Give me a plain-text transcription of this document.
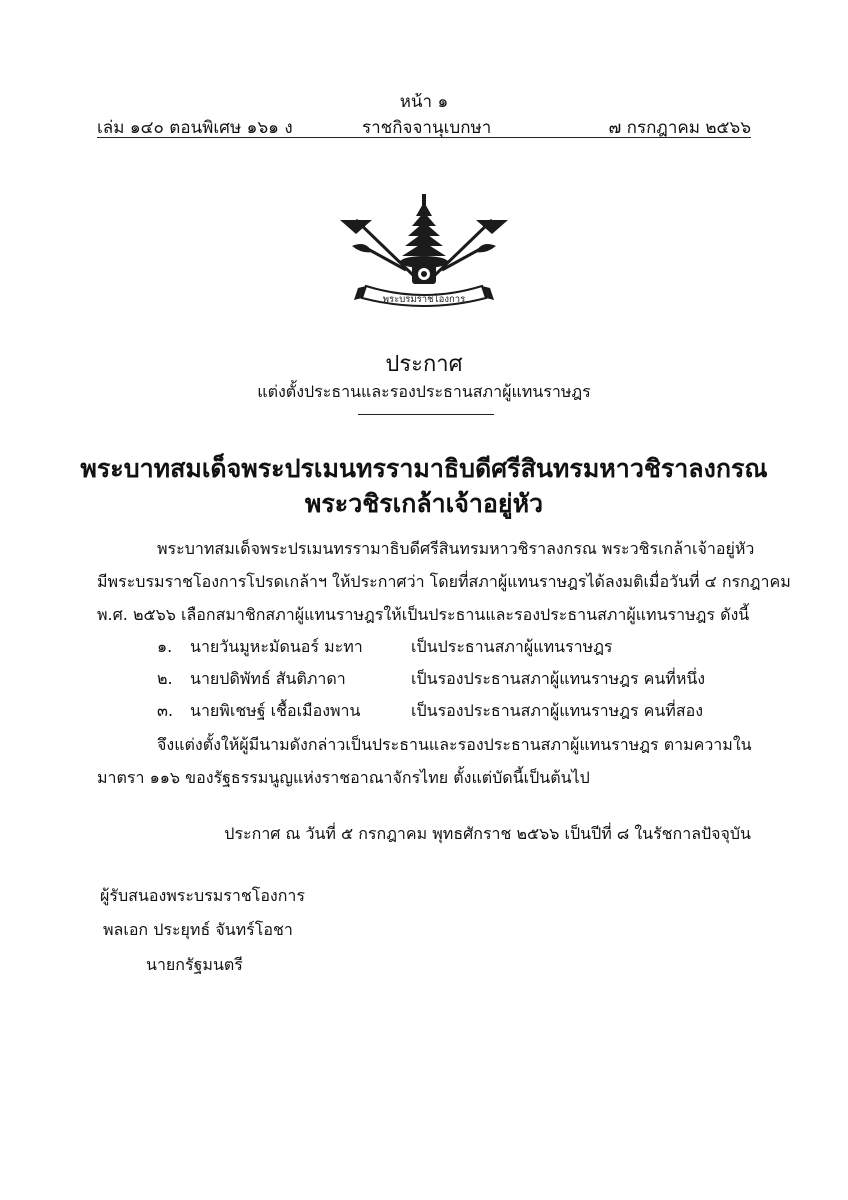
หน้า ๑
เล่ม ๑๔๐ ตอนพิเศษ ๑๖๑ ง	ราชกิจจานุเบกษา	๗ กรกฎาคม ๒๕๖๖
พระบรมราชโองการ
ประกาศ
แต่งตั้งประธานและรองประธานสภาผู้แทนราษฎร
พระบาทสมเด็จพระปรเมนทรรามาธิบดีศรีสินทรมหาวชิราลงกรณ
พระวชิรเกล้าเจ้าอยู่หัว
พระบาทสมเด็จพระปรเมนทรรามาธิบดีศรีสินทรมหาวชิราลงกรณ พระวชิรเกล้าเจ้าอยู่หัว
มีพระบรมราชโองการโปรดเกล้าฯ ให้ประกาศว่า โดยที่สภาผู้แทนราษฎรได้ลงมติเมื่อวันที่ ๔ กรกฎาคม
พ.ศ. ๒๕๖๖ เลือกสมาชิกสภาผู้แทนราษฎรให้เป็นประธานและรองประธานสภาผู้แทนราษฎร ดังนี้
๑. นายวันมูหะมัดนอร์ มะทา	เป็นประธานสภาผู้แทนราษฎร
๒. นายปดิพัทธ์ สันติภาดา	เป็นรองประธานสภาผู้แทนราษฎร คนที่หนึ่ง
๓. นายพิเชษฐ์ เชื้อเมืองพาน	เป็นรองประธานสภาผู้แทนราษฎร คนที่สอง
จึงแต่งตั้งให้ผู้มีนามดังกล่าวเป็นประธานและรองประธานสภาผู้แทนราษฎร ตามความใน
มาตรา ๑๑๖ ของรัฐธรรมนูญแห่งราชอาณาจักรไทย ตั้งแต่บัดนี้เป็นต้นไป
ประกาศ ณ วันที่ ๕ กรกฎาคม พุทธศักราช ๒๕๖๖ เป็นปีที่ ๘ ในรัชกาลปัจจุบัน
ผู้รับสนองพระบรมราชโองการ
พลเอก ประยุทธ์ จันทร์โอชา
นายกรัฐมนตรี
